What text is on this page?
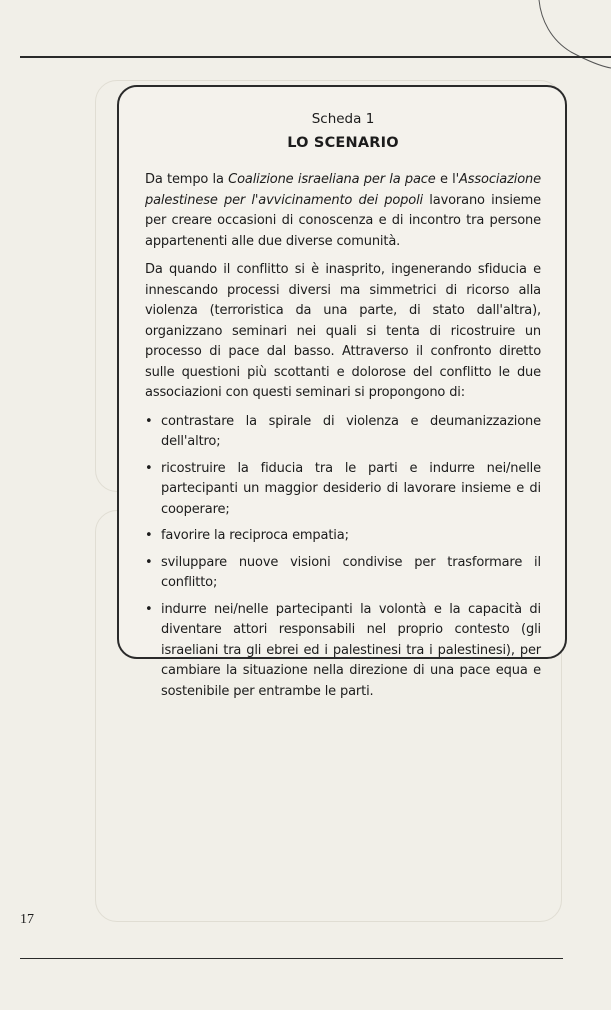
Scheda 1
LO SCENARIO

Da tempo la Coalizione israeliana per la pace e l'Associazione palestinese per l'avvicinamento dei popoli lavorano insieme per creare occasioni di conoscenza e di incontro tra persone appartenenti alle due diverse comunità.

Da quando il conflitto si è inasprito, ingenerando sfiducia e innescando processi diversi ma simmetrici di ricorso alla violenza (terroristica da una parte, di stato dall'altra), organizzano seminari nei quali si tenta di ricostruire un processo di pace dal basso. Attraverso il confronto diretto sulle questioni più scottanti e dolorose del conflitto le due associazioni con questi seminari si propongono di:

• contrastare la spirale di violenza e deumanizzazione dell'altro;
• ricostruire la fiducia tra le parti e indurre nei/nelle partecipanti un maggior desiderio di lavorare insieme e di cooperare;
• favorire la reciproca empatia;
• sviluppare nuove visioni condivise per trasformare il conflitto;
• indurre nei/nelle partecipanti la volontà e la capacità di diventare attori responsabili nel proprio contesto (gli israeliani tra gli ebrei ed i palestinesi tra i palestinesi), per cambiare la situazione nella direzione di una pace equa e sostenibile per entrambe le parti.
17
